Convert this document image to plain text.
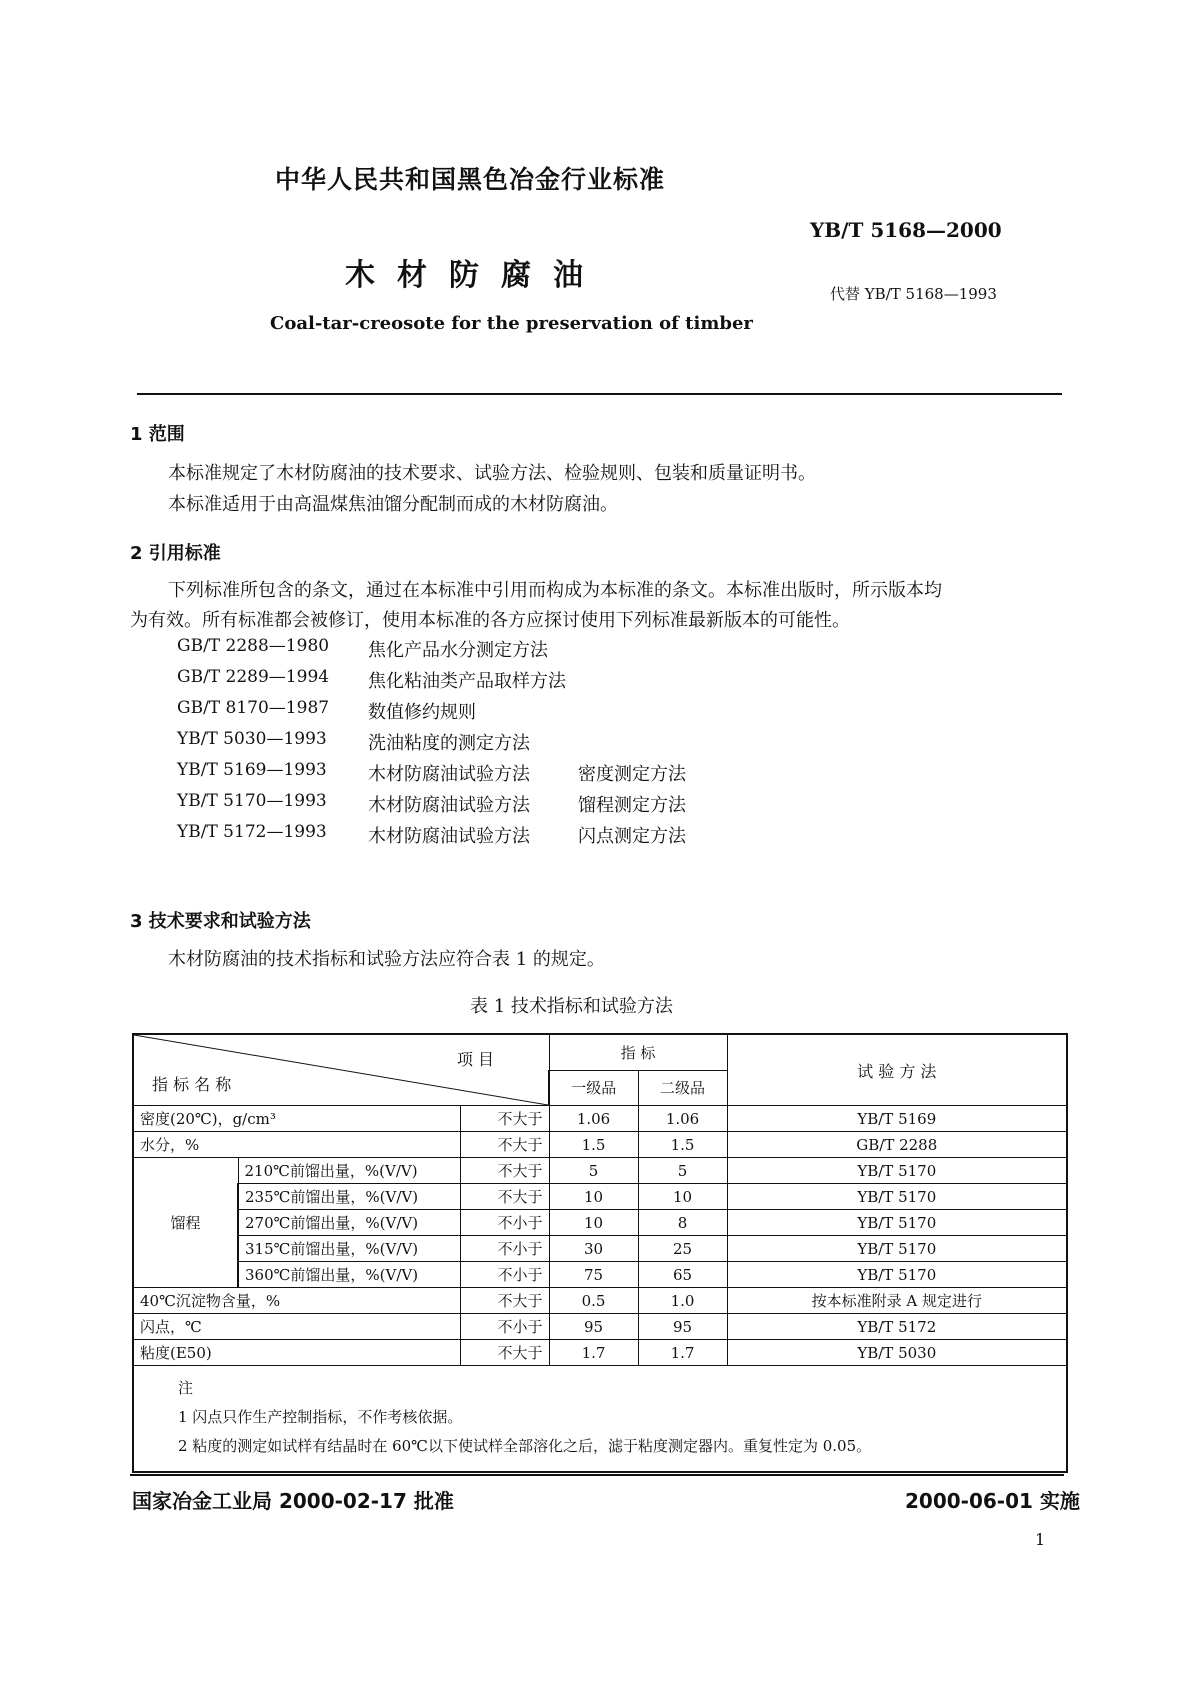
中华人民共和国黑色冶金行业标准
YB/T 5168—2000
木材防腐油
代替 YB/T 5168—1993
Coal-tar-creosote for the preservation of timber
1 范围
本标准规定了木材防腐油的技术要求、试验方法、检验规则、包装和质量证明书。
本标准适用于由高温煤焦油馏分配制而成的木材防腐油。
2 引用标准
下列标准所包含的条文，通过在本标准中引用而构成为本标准的条文。本标准出版时，所示版本均
为有效。所有标准都会被修订，使用本标准的各方应探讨使用下列标准最新版本的可能性。
GB/T 2288—1980 焦化产品水分测定方法
GB/T 2289—1994 焦化粘油类产品取样方法
GB/T 8170—1987 数值修约规则
YB/T 5030—1993 洗油粘度的测定方法
YB/T 5169—1993 木材防腐油试验方法	密度测定方法
YB/T 5170—1993 木材防腐油试验方法	馏程测定方法
YB/T 5172—1993 木材防腐油试验方法	闪点测定方法
3 技术要求和试验方法
木材防腐油的技术指标和试验方法应符合表 1 的规定。
表 1 技术指标和试验方法
项 目
指 标 名 称			指 标		试 验 方 法
			一级品	二级品	
密度(20℃)，g/cm³		不大于	1.06	1.06	YB/T 5169
水分，%		不大于	1.5	1.5	GB/T 2288
馏程	210℃前馏出量，%(V/V)	不大于	5	5	YB/T 5170
	235℃前馏出量，%(V/V)	不大于	10	10	YB/T 5170
	270℃前馏出量，%(V/V)	不小于	10	8	YB/T 5170
	315℃前馏出量，%(V/V)	不小于	30	25	YB/T 5170
	360℃前馏出量，%(V/V)	不小于	75	65	YB/T 5170
40℃沉淀物含量，%		不大于	0.5	1.0	按本标准附录 A 规定进行
闪点，℃		不小于	95	95	YB/T 5172
粘度(E50)		不大于	1.7	1.7	YB/T 5030

注
1 闪点只作生产控制指标，不作考核依据。
2 粘度的测定如试样有结晶时在 60℃以下使试样全部溶化之后，滤于粘度测定器内。重复性定为 0.05。					
国家冶金工业局 2000-02-17 批准	2000-06-01 实施
1
